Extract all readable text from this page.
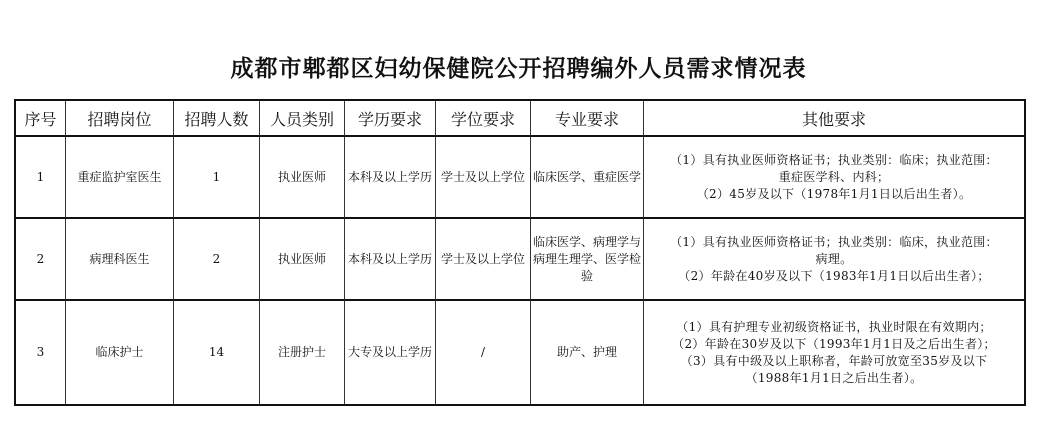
成都市郫都区妇幼保健院公开招聘编外人员需求情况表
序号	招聘岗位	招聘人数	人员类别	学历要求	学位要求	专业要求	其他要求
1	重症监护室医生	1	执业医师	本科及以上学历	学士及以上学位	临床医学、重症医学	（1）具有执业医师资格证书；执业类别：临床；执业范围：
重症医学科、内科；
（2）45岁及以下（1978年1月1日以后出生者）。

2	病理科医生	2	执业医师	本科及以上学历	学士及以上学位	临床医学、病理学与病理生理学、医学检验	（1）具有执业医师资格证书；执业类别：临床，执业范围：
病理。
（2）年龄在40岁及以下（1983年1月1日以后出生者）；

3	临床护士	14	注册护士	大专及以上学历	/	助产、护理	（1）具有护理专业初级资格证书，执业时限在有效期内；
（2）年龄在30岁及以下（1993年1月1日及之后出生者）；
（3）具有中级及以上职称者，年龄可放宽至35岁及以下
（1988年1月1日之后出生者）。
